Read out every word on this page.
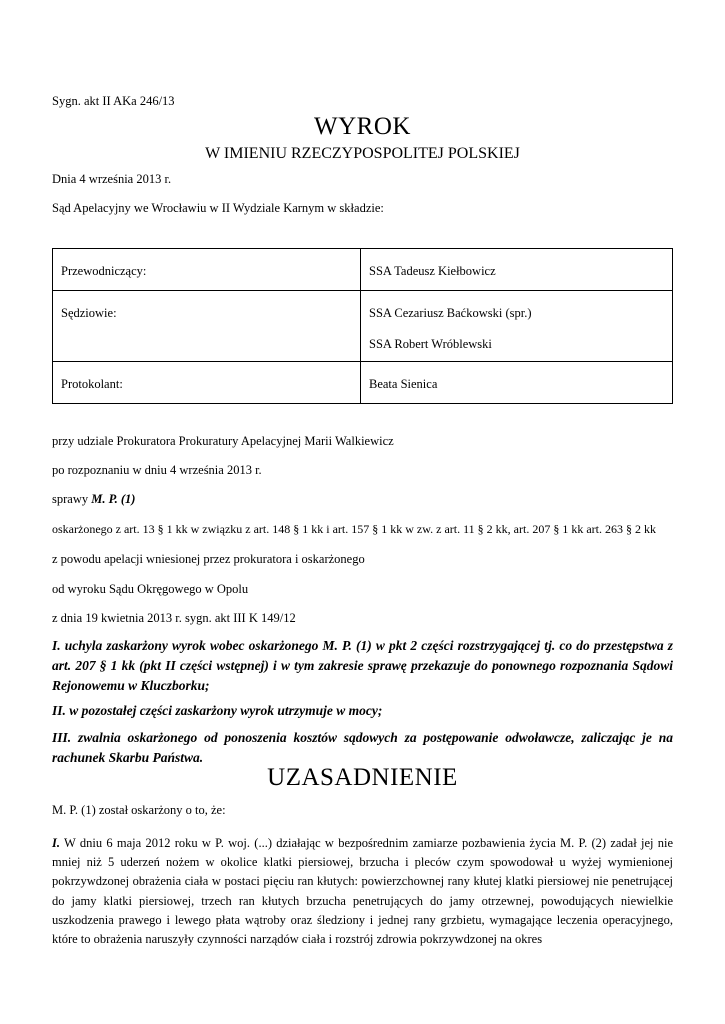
Sygn. akt II AKa 246/13
WYROK
W IMIENIU RZECZYPOSPOLITEJ POLSKIEJ
Dnia 4 września 2013 r.
Sąd Apelacyjny we Wrocławiu w II Wydziale Karnym w składzie:
Przewodniczący:	SSA Tadeusz Kiełbowicz

Sędziowie:	SSA Cezariusz Baćkowski (spr.)
SSA Robert Wróblewski

Protokolant:	Beata Sienica
przy udziale Prokuratora Prokuratury Apelacyjnej Marii Walkiewicz
po rozpoznaniu w dniu 4 września 2013 r.
sprawy M. P. (1)
oskarżonego z art. 13 § 1 kk w związku z art. 148 § 1 kk i art. 157 § 1 kk w zw. z art. 11 § 2 kk, art. 207 § 1 kk art. 263 § 2 kk
z powodu apelacji wniesionej przez prokuratora i oskarżonego
od wyroku Sądu Okręgowego w Opolu
z dnia 19 kwietnia 2013 r. sygn. akt III K 149/12
I. uchyla zaskarżony wyrok wobec oskarżonego M. P. (1) w pkt 2 części rozstrzygającej tj. co do przestępstwa z art. 207 § 1 kk (pkt II części wstępnej) i w tym zakresie sprawę przekazuje do ponownego rozpoznania Sądowi Rejonowemu w Kluczborku;
II. w pozostałej części zaskarżony wyrok utrzymuje w mocy;
III. zwalnia oskarżonego od ponoszenia kosztów sądowych za postępowanie odwoławcze, zaliczając je na rachunek Skarbu Państwa.
UZASADNIENIE
M. P. (1) został oskarżony o to, że:
I. W dniu 6 maja 2012 roku w P. woj. (...) działając w bezpośrednim zamiarze pozbawienia życia M. P. (2) zadał jej nie mniej niż 5 uderzeń nożem w okolice klatki piersiowej, brzucha i pleców czym spowodował u wyżej wymienionej pokrzywdzonej obrażenia ciała w postaci pięciu ran kłutych: powierzchownej rany kłutej klatki piersiowej nie penetrującej do jamy klatki piersiowej, trzech ran kłutych brzucha penetrujących do jamy otrzewnej, powodujących niewielkie uszkodzenia prawego i lewego płata wątroby oraz śledziony i jednej rany grzbietu, wymagające leczenia operacyjnego, które to obrażenia naruszyły czynności narządów ciała i rozstrój zdrowia pokrzywdzonej na okres
